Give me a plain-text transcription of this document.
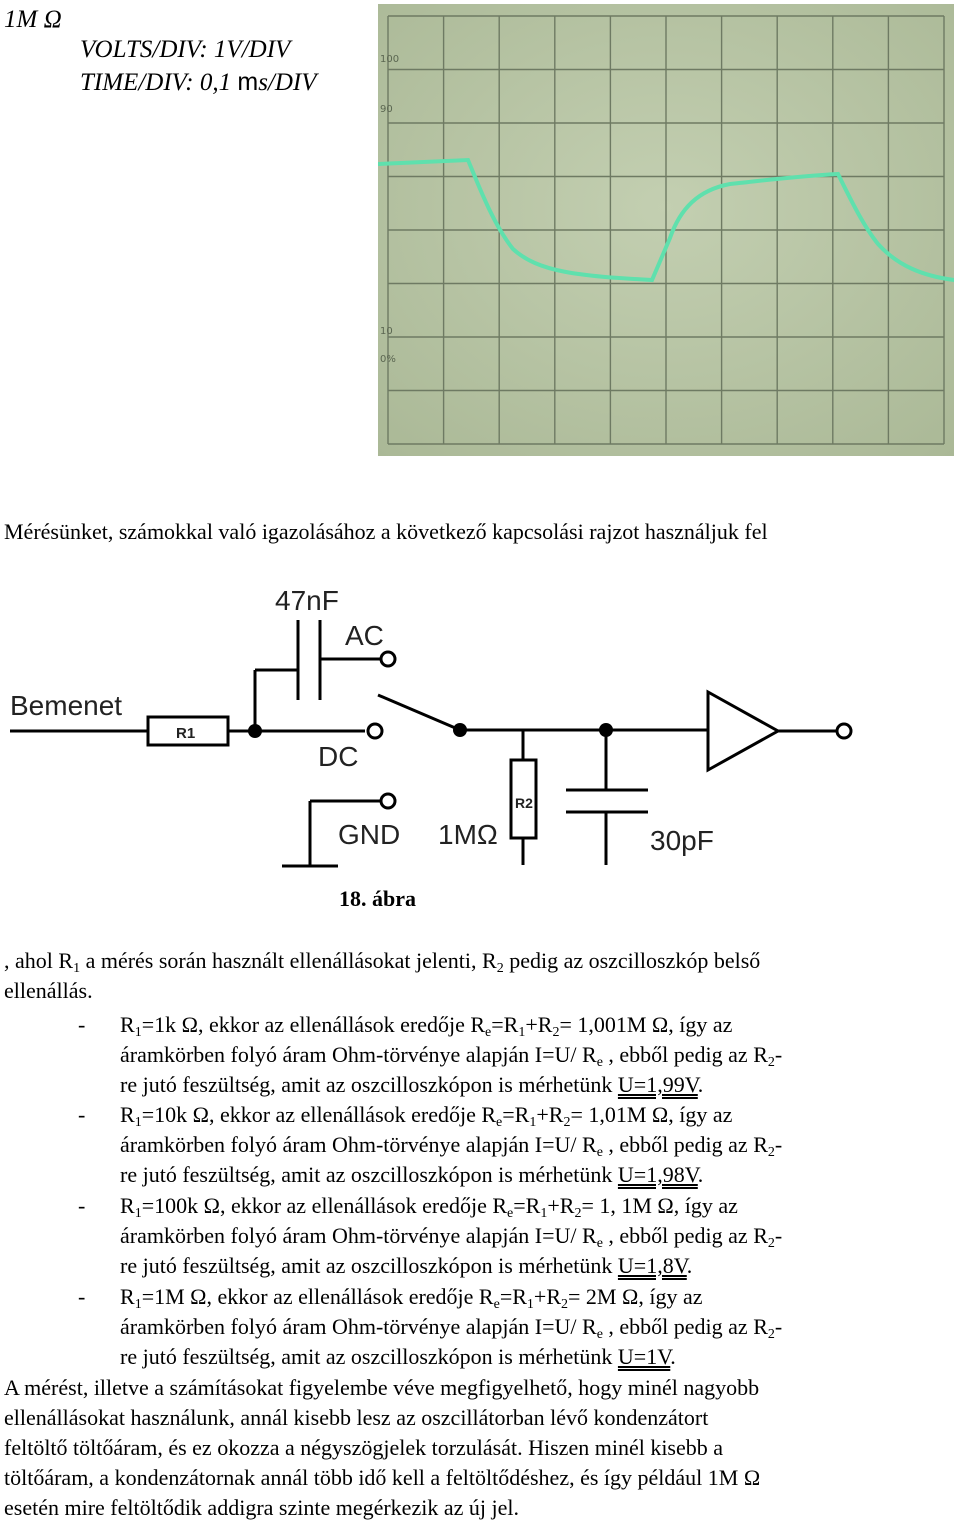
1M Ω
VOLTS/DIV: 1V/DIV
TIME/DIV: 0,1 ms/DIV
100
90
10
0%
Mérésünket, számokkal való igazolásához a következő kapcsolási rajzot használjuk fel
Bemenet
R1
47nF
AC
DC
GND
R2
1MΩ	30pF
18. ábra
, ahol $R_1$ a mérés során használt ellenállásokat jelenti, $R_2$ pedig az oszcilloszkóp belső
ellenállás.
- $R_1=1k$ Ω, ekkor az ellenállások eredője $R_e=R_1+R_2= 1,001M$ Ω, így az
áramkörben folyó áram Ohm-törvénye alapján I=U/ $R_e$ , ebből pedig az $R_2-$
re jutó feszültség, amit az oszcilloszkópon is mérhetünk U=1,99V.
- $R_1=10k$ Ω, ekkor az ellenállások eredője $R_e=R_1+R_2= 1,01M$ Ω, így az
áramkörben folyó áram Ohm-törvénye alapján I=U/ $R_e$ , ebből pedig az $R_2-$
re jutó feszültség, amit az oszcilloszkópon is mérhetünk U=1,98V.
- $R_1=100k$ Ω, ekkor az ellenállások eredője $R_e=R_1+R_2= 1$, 1M Ω, így az
áramkörben folyó áram Ohm-törvénye alapján I=U/ $R_e$ , ebből pedig az $R_2-$
re jutó feszültség, amit az oszcilloszkópon is mérhetünk U=1,8V.
- $R_1=1M$ Ω, ekkor az ellenállások eredője $R_e=R_1+R_2= 2M$ Ω, így az
áramkörben folyó áram Ohm-törvénye alapján I=U/ $R_e$ , ebből pedig az $R_2-$
re jutó feszültség, amit az oszcilloszkópon is mérhetünk U=1V.
A mérést, illetve a számításokat figyelembe véve megfigyelhető, hogy minél nagyobb
ellenállásokat használunk, annál kisebb lesz az oszcillátorban lévő kondenzátort
feltöltő töltőáram, és ez okozza a négyszögjelek torzulását. Hiszen minél kisebb a
töltőáram, a kondenzátornak annál több idő kell a feltöltődéshez, és így például 1M Ω
esetén mire feltöltődik addigra szinte megérkezik az új jel.
